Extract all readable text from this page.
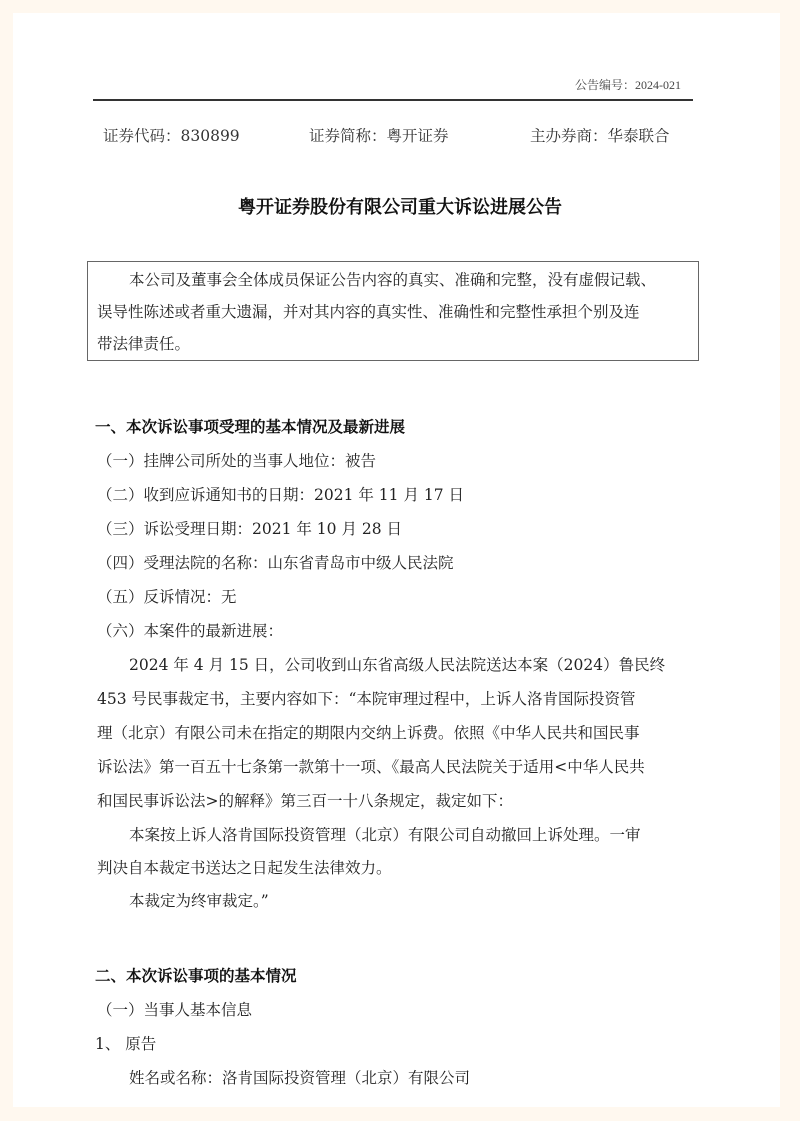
公告编号：2024-021
证券代码：830899	证券简称：粤开证券	主办券商：华泰联合
粤开证券股份有限公司重大诉讼进展公告
本公司及董事会全体成员保证公告内容的真实、准确和完整，没有虚假记载、
误导性陈述或者重大遗漏，并对其内容的真实性、准确性和完整性承担个别及连
带法律责任。
一、本次诉讼事项受理的基本情况及最新进展
（一）挂牌公司所处的当事人地位：被告
（二）收到应诉通知书的日期：2021 年 11 月 17 日
（三）诉讼受理日期：2021 年 10 月 28 日
（四）受理法院的名称：山东省青岛市中级人民法院
（五）反诉情况：无
（六）本案件的最新进展：
2024 年 4 月 15 日，公司收到山东省高级人民法院送达本案（2024）鲁民终
453 号民事裁定书，主要内容如下：“本院审理过程中，上诉人洛肯国际投资管
理（北京）有限公司未在指定的期限内交纳上诉费。依照《中华人民共和国民事
诉讼法》第一百五十七条第一款第十一项、《最高人民法院关于适用<中华人民共
和国民事诉讼法>的解释》第三百一十八条规定，裁定如下：
本案按上诉人洛肯国际投资管理（北京）有限公司自动撤回上诉处理。一审
判决自本裁定书送达之日起发生法律效力。
本裁定为终审裁定。”
二、本次诉讼事项的基本情况
（一）当事人基本信息
1、 原告
姓名或名称：洛肯国际投资管理（北京）有限公司
